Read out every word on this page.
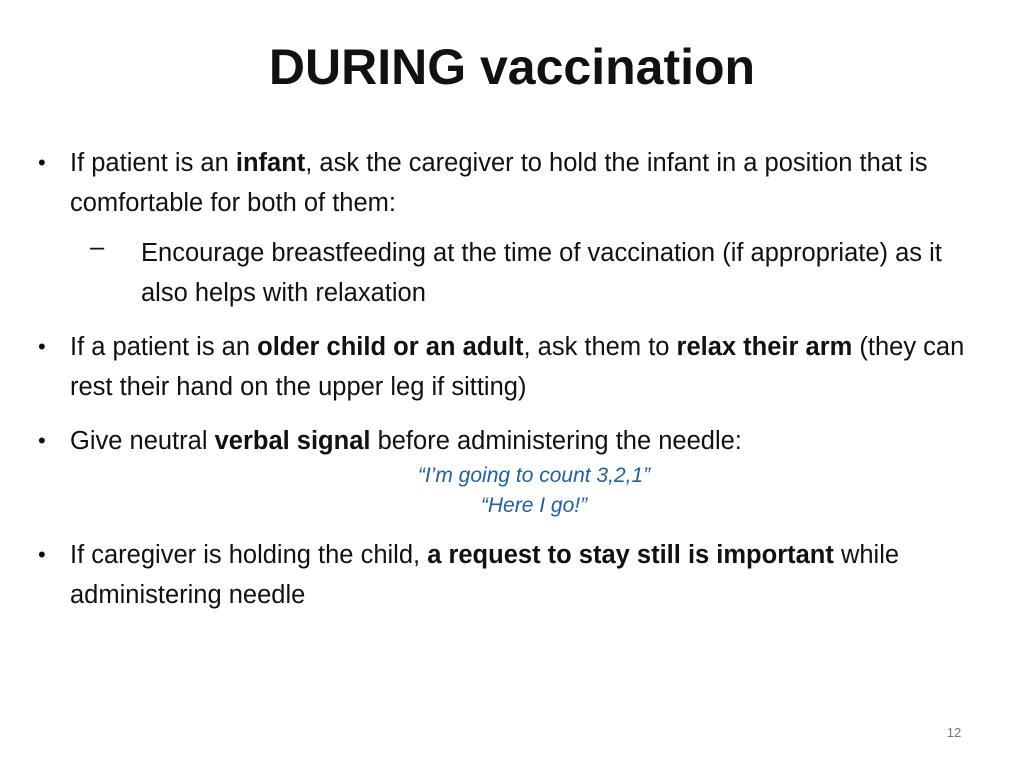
DURING vaccination

• If patient is an infant, ask the caregiver to hold the infant in a position that is comfortable for both of them:

– Encourage breastfeeding at the time of vaccination (if appropriate) as it also helps with relaxation

• If a patient is an older child or an adult, ask them to relax their arm (they can rest their hand on the upper leg if sitting)

• Give neutral verbal signal before administering the needle:

“I’m going to count 3,2,1”
“Here I go!”

• If caregiver is holding the child, a request to stay still is important while administering needle

12
